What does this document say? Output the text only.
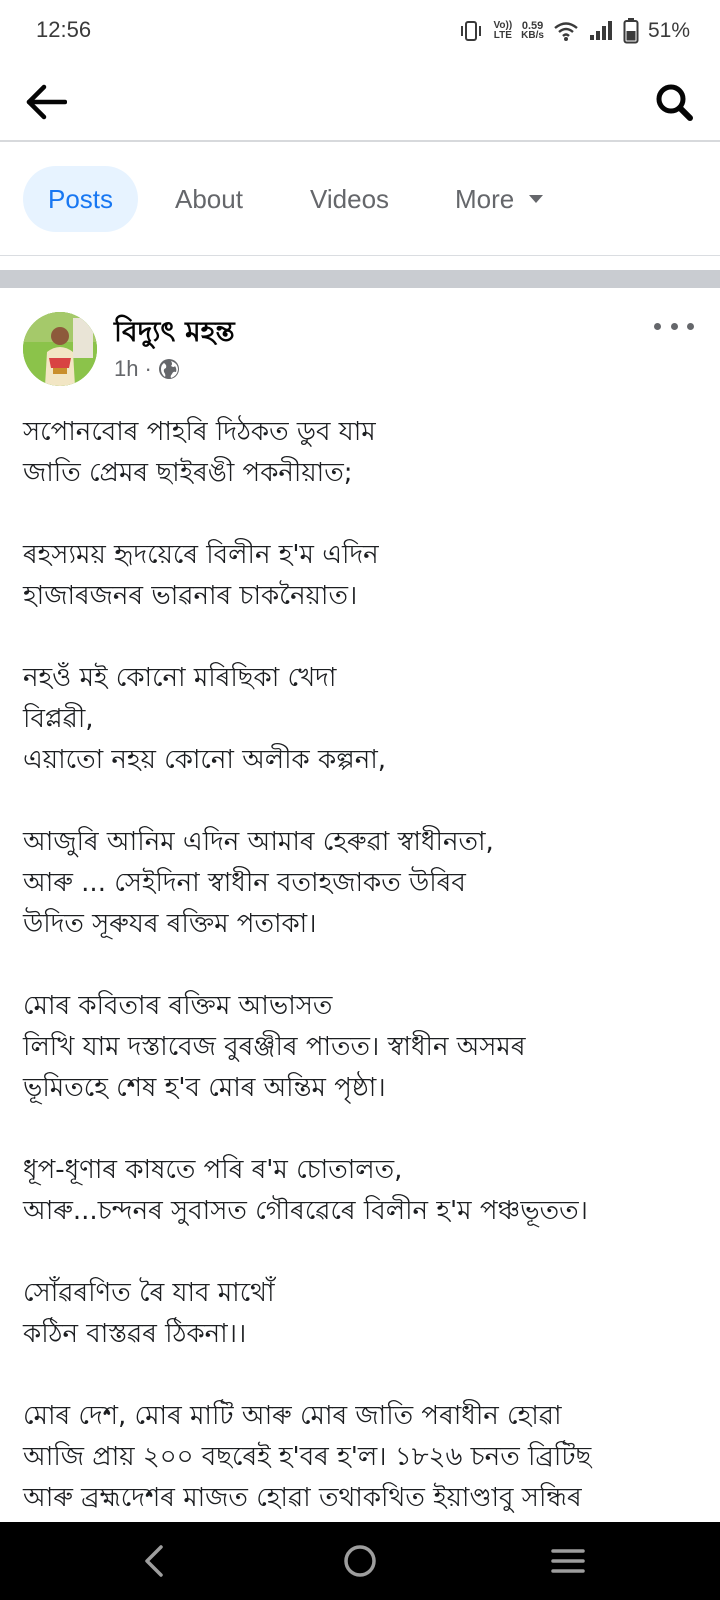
12:56	Vo))
LTE
0.59
KB/s	51%
Posts About	Videos	More
বিদ্যুৎ মহন্ত
1h ·
সপোনবোৰ পাহৰি দিঠকত ডুব যাম
জাতি প্ৰেমৰ ছাইৰঙী পকনীয়াত;
ৰহস্যময় হৃদয়েৰে বিলীন হ'ম এদিন
হাজাৰজনৰ ভাৱনাৰ চাকনৈয়াত।
নহওঁ মই কোনো মৰিছিকা খেদা
বিপ্লৱী,
এয়াতো নহয় কোনো অলীক কল্পনা,
আজুৰি আনিম এদিন আমাৰ হেৰুৱা স্বাধীনতা,
আৰু ... সেইদিনা স্বাধীন বতাহজাকত উৰিব
উদিত সূৰুযৰ ৰক্তিম পতাকা।
মোৰ কবিতাৰ ৰক্তিম আভাসত
লিখি যাম দস্তাবেজ বুৰঞ্জীৰ পাতত। স্বাধীন অসমৰ
ভূমিতহে শেষ হ'ব মোৰ অন্তিম পৃষ্ঠা।
ধূপ-ধূণাৰ কাষতে পৰি ৰ'ম চোতালত,
আৰু...চন্দনৰ সুবাসত গৌৰৱেৰে বিলীন হ'ম পঞ্চভূতত।
সোঁৱৰণিত ৰৈ যাব মাথোঁ
কঠিন বাস্তৱৰ ঠিকনা।।
মোৰ দেশ, মোৰ মাটি আৰু মোৰ জাতি পৰাধীন হোৱা
আজি প্ৰায় ২০০ বছৰেই হ'বৰ হ'ল। ১৮২৬ চনত ব্ৰিটিছ
আৰু ব্ৰহ্মদেশৰ মাজত হোৱা তথাকথিত ইয়াণ্ডাবু সন্ধিৰ
